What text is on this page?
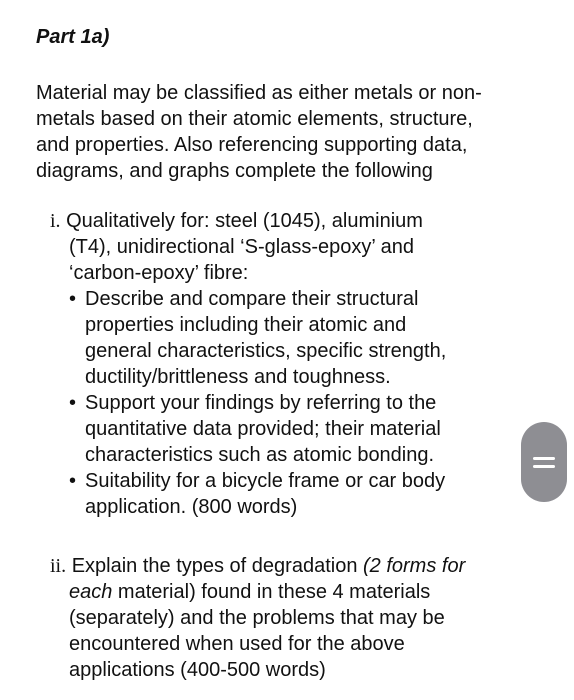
Part 1a)
Material may be classified as either metals or non-
metals based on their atomic elements, structure,
and properties. Also referencing supporting data,
diagrams, and graphs complete the following
i. Qualitatively for: steel (1045), aluminium
(T4), unidirectional ‘S-glass-epoxy’ and
‘carbon-epoxy’ fibre:
• Describe and compare their structural
properties including their atomic and
general characteristics, specific strength,
ductility/brittleness and toughness.
• Support your findings by referring to the
quantitative data provided; their material
characteristics such as atomic bonding.
• Suitability for a bicycle frame or car body
application. (800 words)
ii. Explain the types of degradation (2 forms for
each material) found in these 4 materials
(separately) and the problems that may be
encountered when used for the above
applications (400-500 words)
